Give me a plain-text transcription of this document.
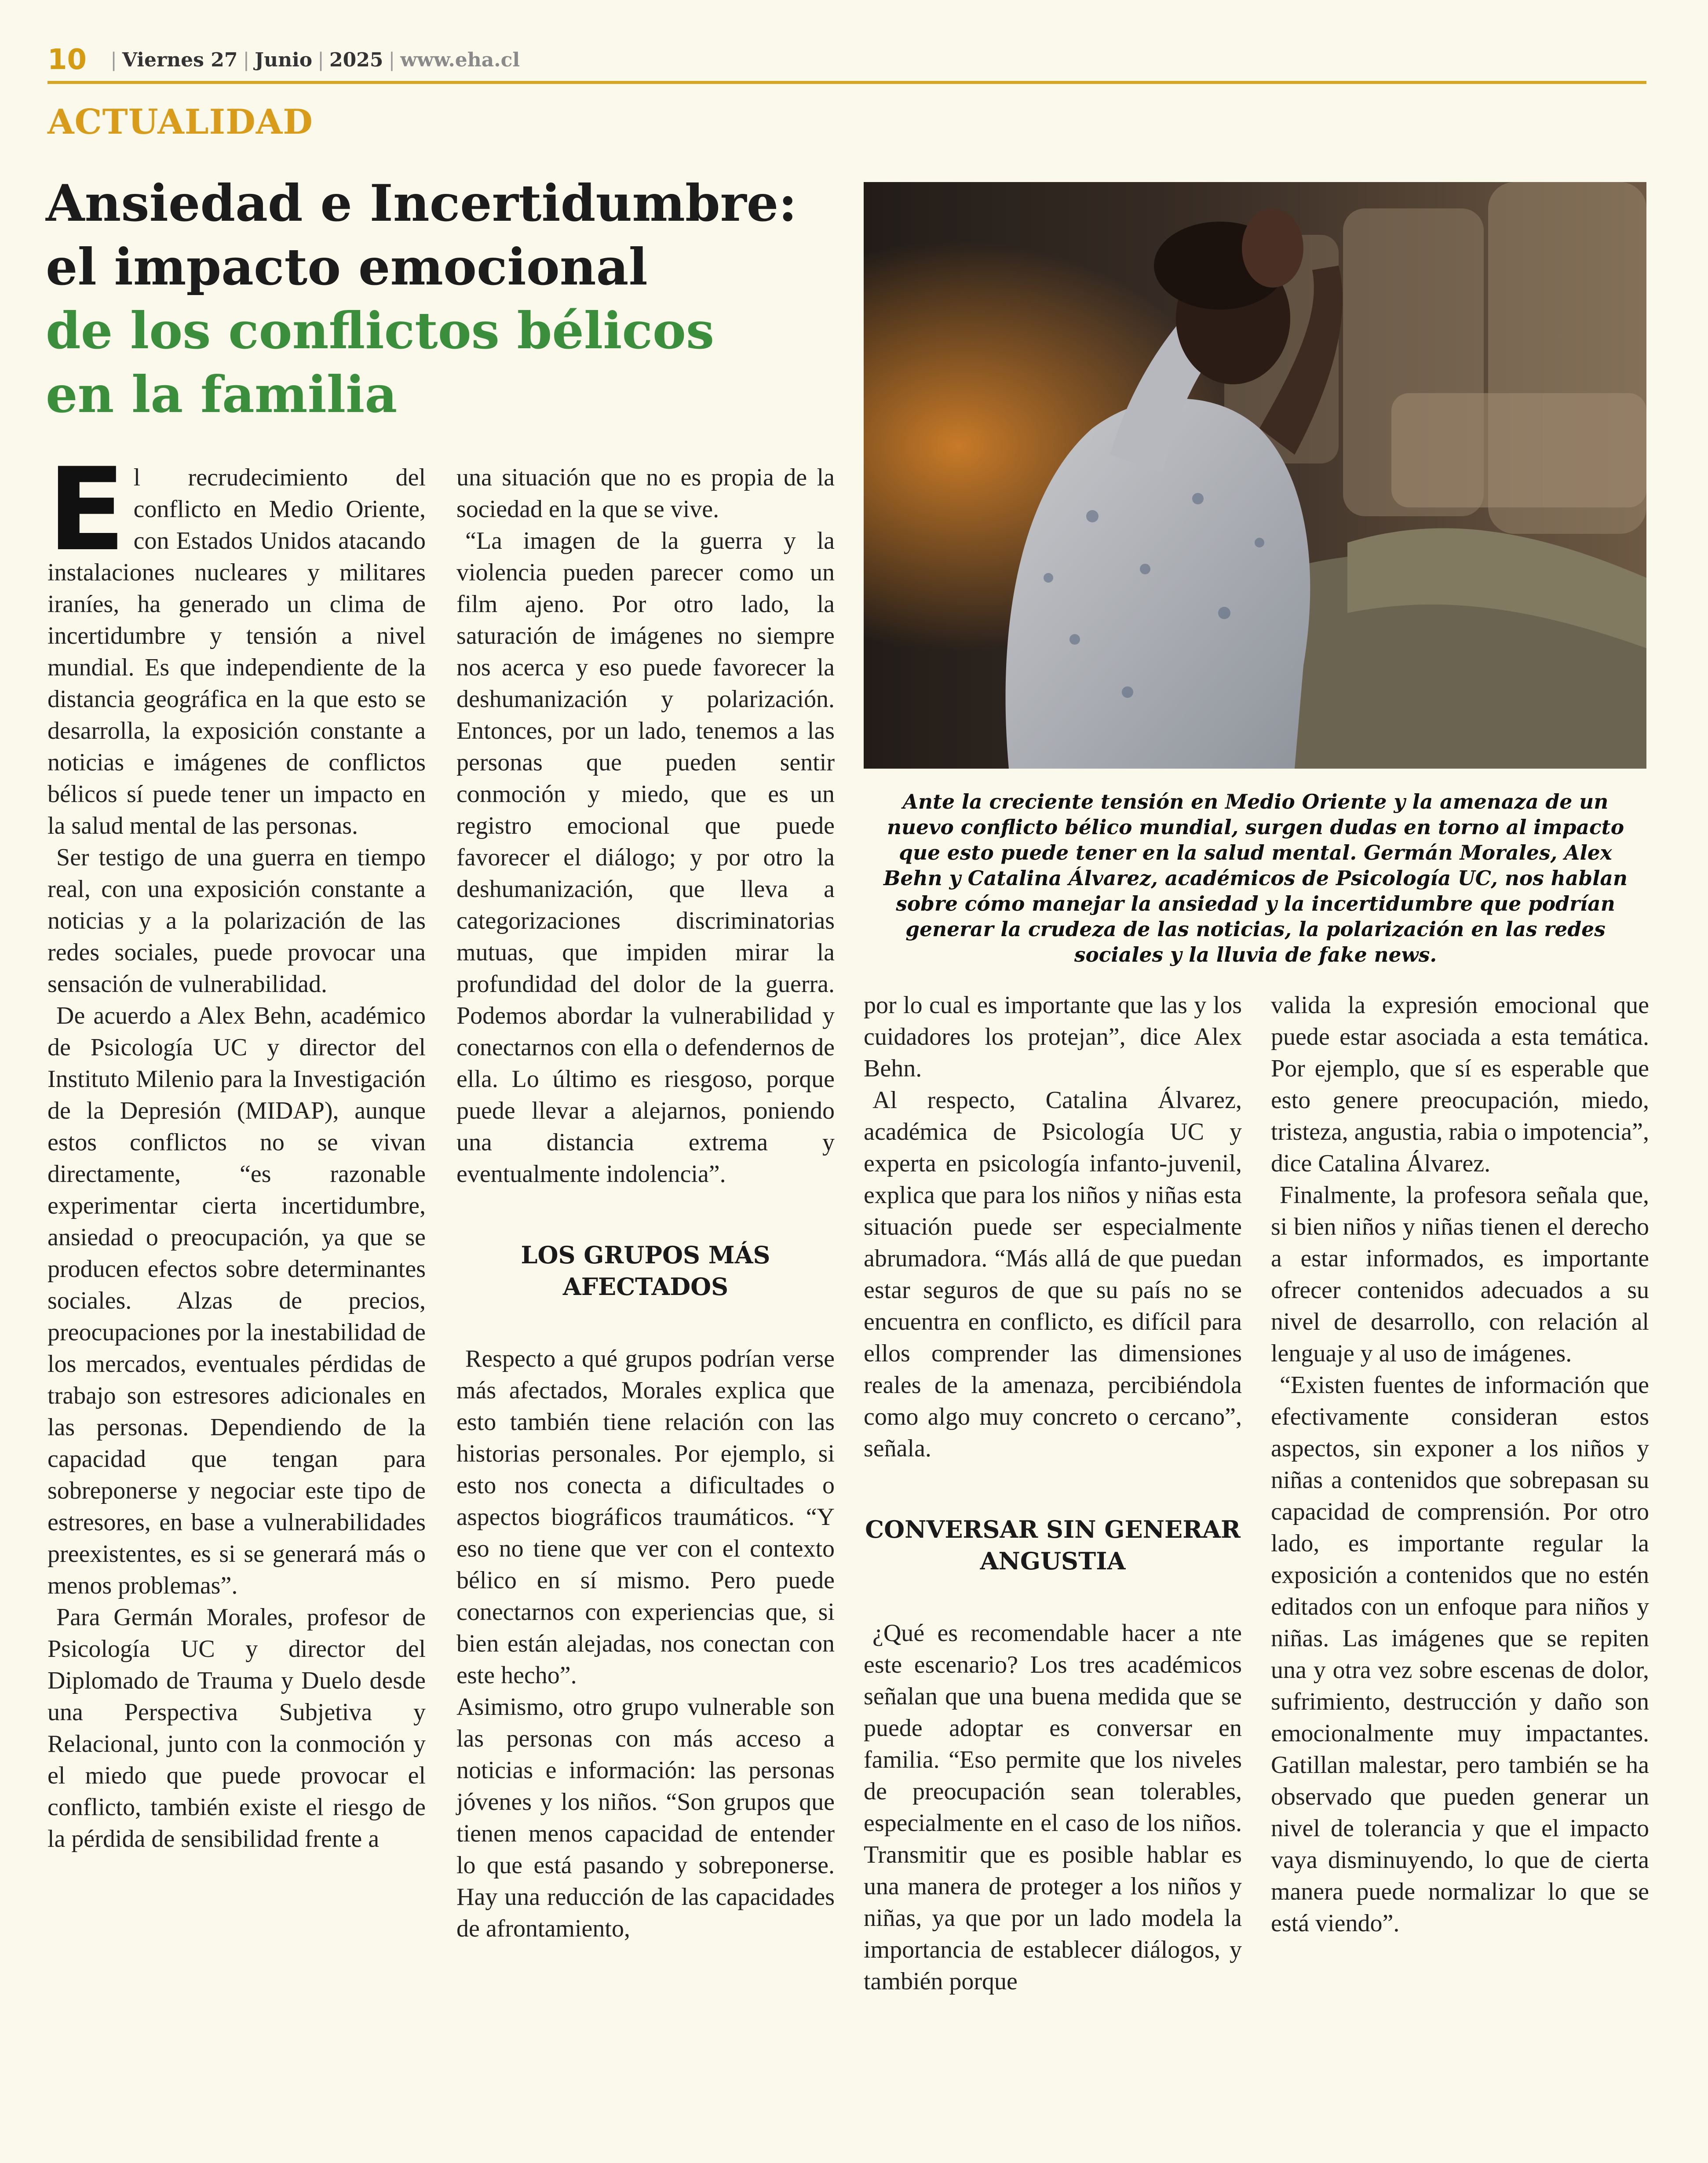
10 | Viernes 27 | Junio | 2025 | www.eha.cl
ACTUALIDAD
Ansiedad e Incertidumbre:
el impacto emocional
de los conflictos bélicos
en la familia

Ante la creciente tensión en Medio Oriente y la amenaza de un nuevo conflicto bélico mundial, surgen dudas en torno al impacto que esto puede tener en la salud mental. Germán Morales, Alex Behn y Catalina Álvarez, académicos de Psicología UC, nos hablan sobre cómo manejar la ansiedad y la incertidumbre que podrían generar la crudeza de las noticias, la polarización en las redes sociales y la lluvia de fake news.

El recrudecimiento del conflicto en Medio Oriente, con Estados Unidos atacando instalaciones nucleares y militares iraníes, ha generado un clima de incertidumbre y tensión a nivel mundial. Es que independiente de la distancia geográfica en la que esto se desarrolla, la exposición constante a noticias e imágenes de conflictos bélicos sí puede tener un impacto en la salud mental de las personas.

Ser testigo de una guerra en tiempo real, con una exposición constante a noticias y a la polarización de las redes sociales, puede provocar una sensación de vulnerabilidad.

De acuerdo a Alex Behn, académico de Psicología UC y director del Instituto Milenio para la Investigación de la Depresión (MIDAP), aunque estos conflictos no se vivan directamente, “es razonable experimentar cierta incertidumbre, ansiedad o preocupación, ya que se producen efectos sobre determinantes sociales. Alzas de precios, preocupaciones por la inestabilidad de los mercados, eventuales pérdidas de trabajo son estresores adicionales en las personas. Dependiendo de la capacidad que tengan para sobreponerse y negociar este tipo de estresores, en base a vulnerabilidades preexistentes, es si se generará más o menos problemas”.

Para Germán Morales, profesor de Psicología UC y director del Diplomado de Trauma y Duelo desde una Perspectiva Subjetiva y Relacional, junto con la conmoción y el miedo que puede provocar el conflicto, también existe el riesgo de la pérdida de sensibilidad frente a

una situación que no es propia de la sociedad en la que se vive.

“La imagen de la guerra y la violencia pueden parecer como un film ajeno. Por otro lado, la saturación de imágenes no siempre nos acerca y eso puede favorecer la deshumanización y polarización. Entonces, por un lado, tenemos a las personas que pueden sentir conmoción y miedo, que es un registro emocional que puede favorecer el diálogo; y por otro la deshumanización, que lleva a categorizaciones discriminatorias mutuas, que impiden mirar la profundidad del dolor de la guerra. Podemos abordar la vulnerabilidad y conectarnos con ella o defendernos de ella. Lo último es riesgoso, porque puede llevar a alejarnos, poniendo una distancia extrema y eventualmente indolencia”.

LOS GRUPOS MÁS
AFECTADOS

Respecto a qué grupos podrían verse más afectados, Morales explica que esto también tiene relación con las historias personales. Por ejemplo, si esto nos conecta a dificultades o aspectos biográficos traumáticos. “Y eso no tiene que ver con el contexto bélico en sí mismo. Pero puede conectarnos con experiencias que, si bien están alejadas, nos conectan con este hecho”.

Asimismo, otro grupo vulnerable son las personas con más acceso a noticias e información: las personas jóvenes y los niños. “Son grupos que tienen menos capacidad de entender lo que está pasando y sobreponerse. Hay una reducción de las capacidades de afrontamiento,

por lo cual es importante que las y los cuidadores los protejan”, dice Alex Behn.

Al respecto, Catalina Álvarez, académica de Psicología UC y experta en psicología infanto-juvenil, explica que para los niños y niñas esta situación puede ser especialmente abrumadora. “Más allá de que puedan estar seguros de que su país no se encuentra en conflicto, es difícil para ellos comprender las dimensiones reales de la amenaza, percibiéndola como algo muy concreto o cercano”, señala.

CONVERSAR SIN GENERAR
ANGUSTIA

¿Qué es recomendable hacer a nte este escenario? Los tres académicos señalan que una buena medida que se puede adoptar es conversar en familia. “Eso permite que los niveles de preocupación sean tolerables, especialmente en el caso de los niños. Transmitir que es posible hablar es una manera de proteger a los niños y niñas, ya que por un lado modela la importancia de establecer diálogos, y también porque

valida la expresión emocional que puede estar asociada a esta temática. Por ejemplo, que sí es esperable que esto genere preocupación, miedo, tristeza, angustia, rabia o impotencia”, dice Catalina Álvarez.

Finalmente, la profesora señala que, si bien niños y niñas tienen el derecho a estar informados, es importante ofrecer contenidos adecuados a su nivel de desarrollo, con relación al lenguaje y al uso de imágenes.

“Existen fuentes de información que efectivamente consideran estos aspectos, sin exponer a los niños y niñas a contenidos que sobrepasan su capacidad de comprensión. Por otro lado, es importante regular la exposición a contenidos que no estén editados con un enfoque para niños y niñas. Las imágenes que se repiten una y otra vez sobre escenas de dolor, sufrimiento, destrucción y daño son emocionalmente muy impactantes. Gatillan malestar, pero también se ha observado que pueden generar un nivel de tolerancia y que el impacto vaya disminuyendo, lo que de cierta manera puede normalizar lo que se está viendo”.
